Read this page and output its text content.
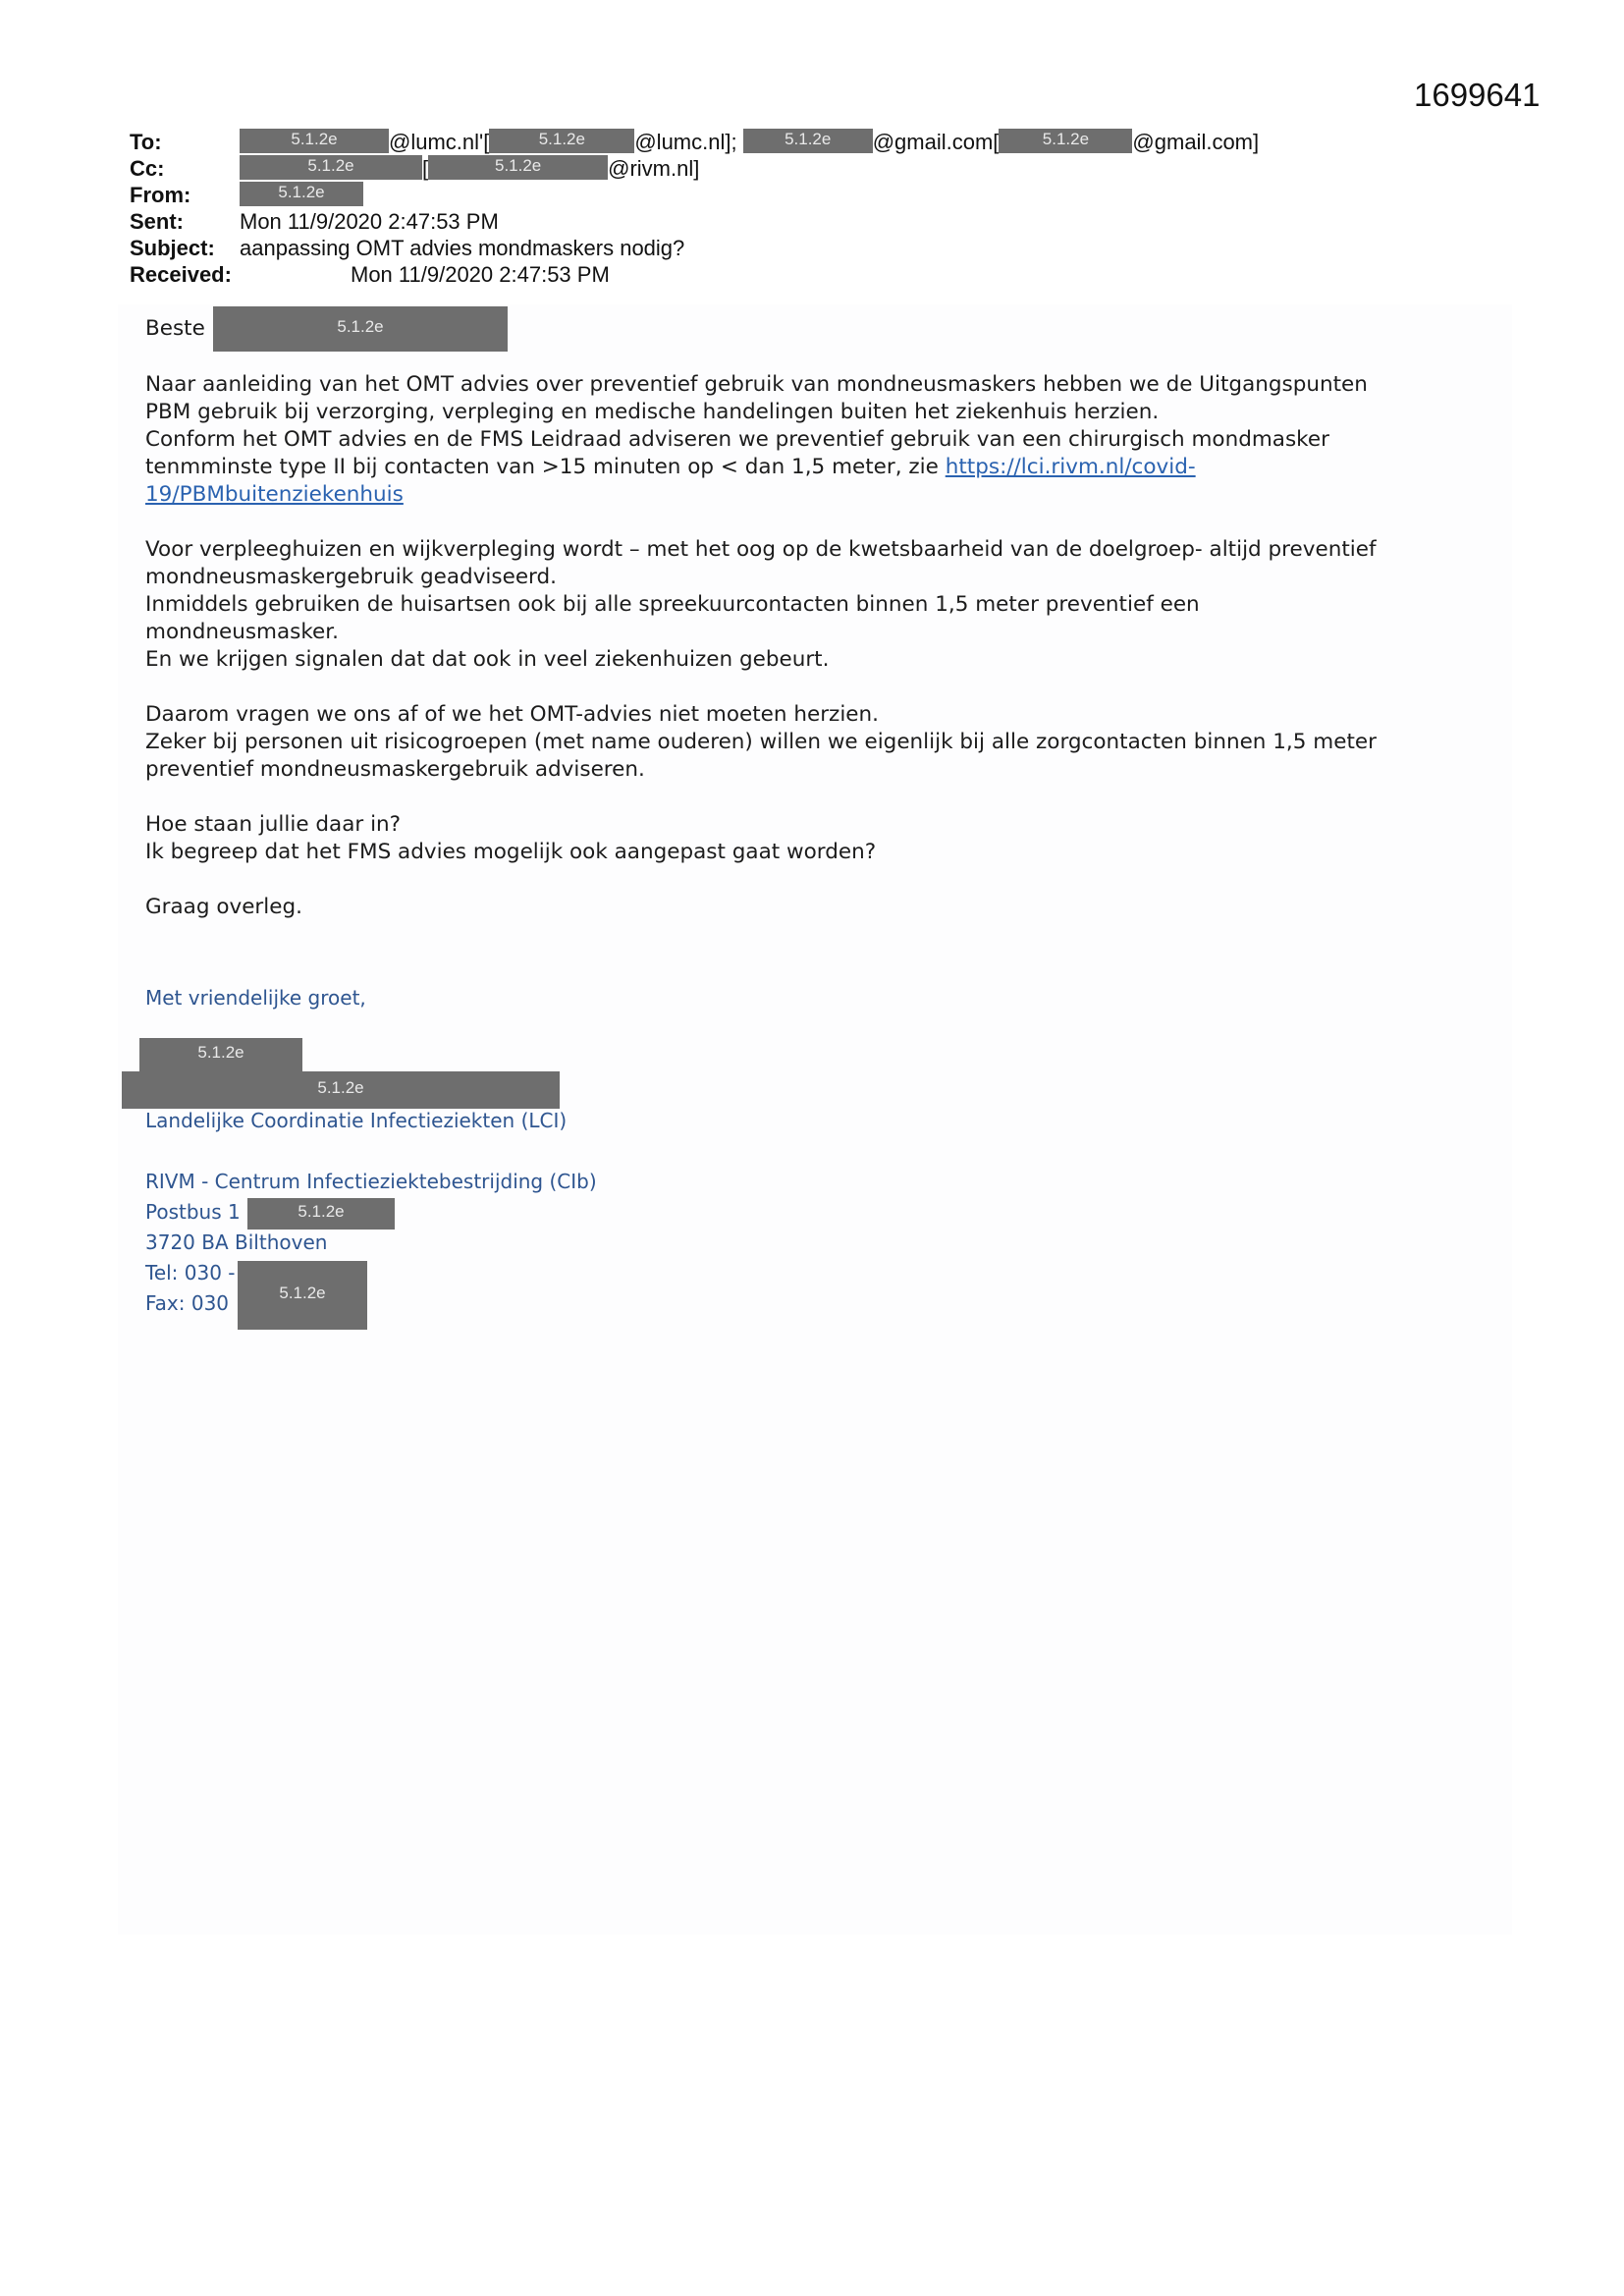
1699641
To:	5.1.2e @lumc.nl'[	5.1.2e @lumc.nl];	5.1.2e @gmail.com[	5.1.2e @gmail.com]
Cc:	5.1.2e	[	5.1.2e	@rivm.nl]
From:	5.1.2e
Sent:	Mon 11/9/2020 2:47:53 PM
Subject: aanpassing OMT advies mondmaskers nodig?
Received:	Mon 11/9/2020 2:47:53 PM
Beste	5.1.2e

Naar aanleiding van het OMT advies over preventief gebruik van mondneusmaskers hebben we de Uitgangspunten

PBM gebruik bij verzorging, verpleging en medische handelingen buiten het ziekenhuis herzien.

Conform het OMT advies en de FMS Leidraad adviseren we preventief gebruik van een chirurgisch mondmasker

tenmminste type II bij contacten van >15 minuten op < dan 1,5 meter, zie https://lci.rivm.nl/covid-

19/PBMbuitenziekenhuis

Voor verpleeghuizen en wijkverpleging wordt – met het oog op de kwetsbaarheid van de doelgroep- altijd preventief

mondneusmaskergebruik geadviseerd.

Inmiddels gebruiken de huisartsen ook bij alle spreekuurcontacten binnen 1,5 meter preventief een

mondneusmasker.

En we krijgen signalen dat dat ook in veel ziekenhuizen gebeurt.

Daarom vragen we ons af of we het OMT-advies niet moeten herzien.

Zeker bij personen uit risicogroepen (met name ouderen) willen we eigenlijk bij alle zorgcontacten binnen 1,5 meter

preventief mondneusmaskergebruik adviseren.

Hoe staan jullie daar in?

Ik begreep dat het FMS advies mogelijk ook aangepast gaat worden?

Graag overleg.

Met vriendelijke groet,
5.1.2e
5.1.2e
Landelijke Coordinatie Infectieziekten (LCI)
RIVM - Centrum Infectieziektebestrijding (CIb)
Postbus 1	5.1.2e
3720 BA Bilthoven
Tel: 030 -
Fax: 030	5.1.2e
